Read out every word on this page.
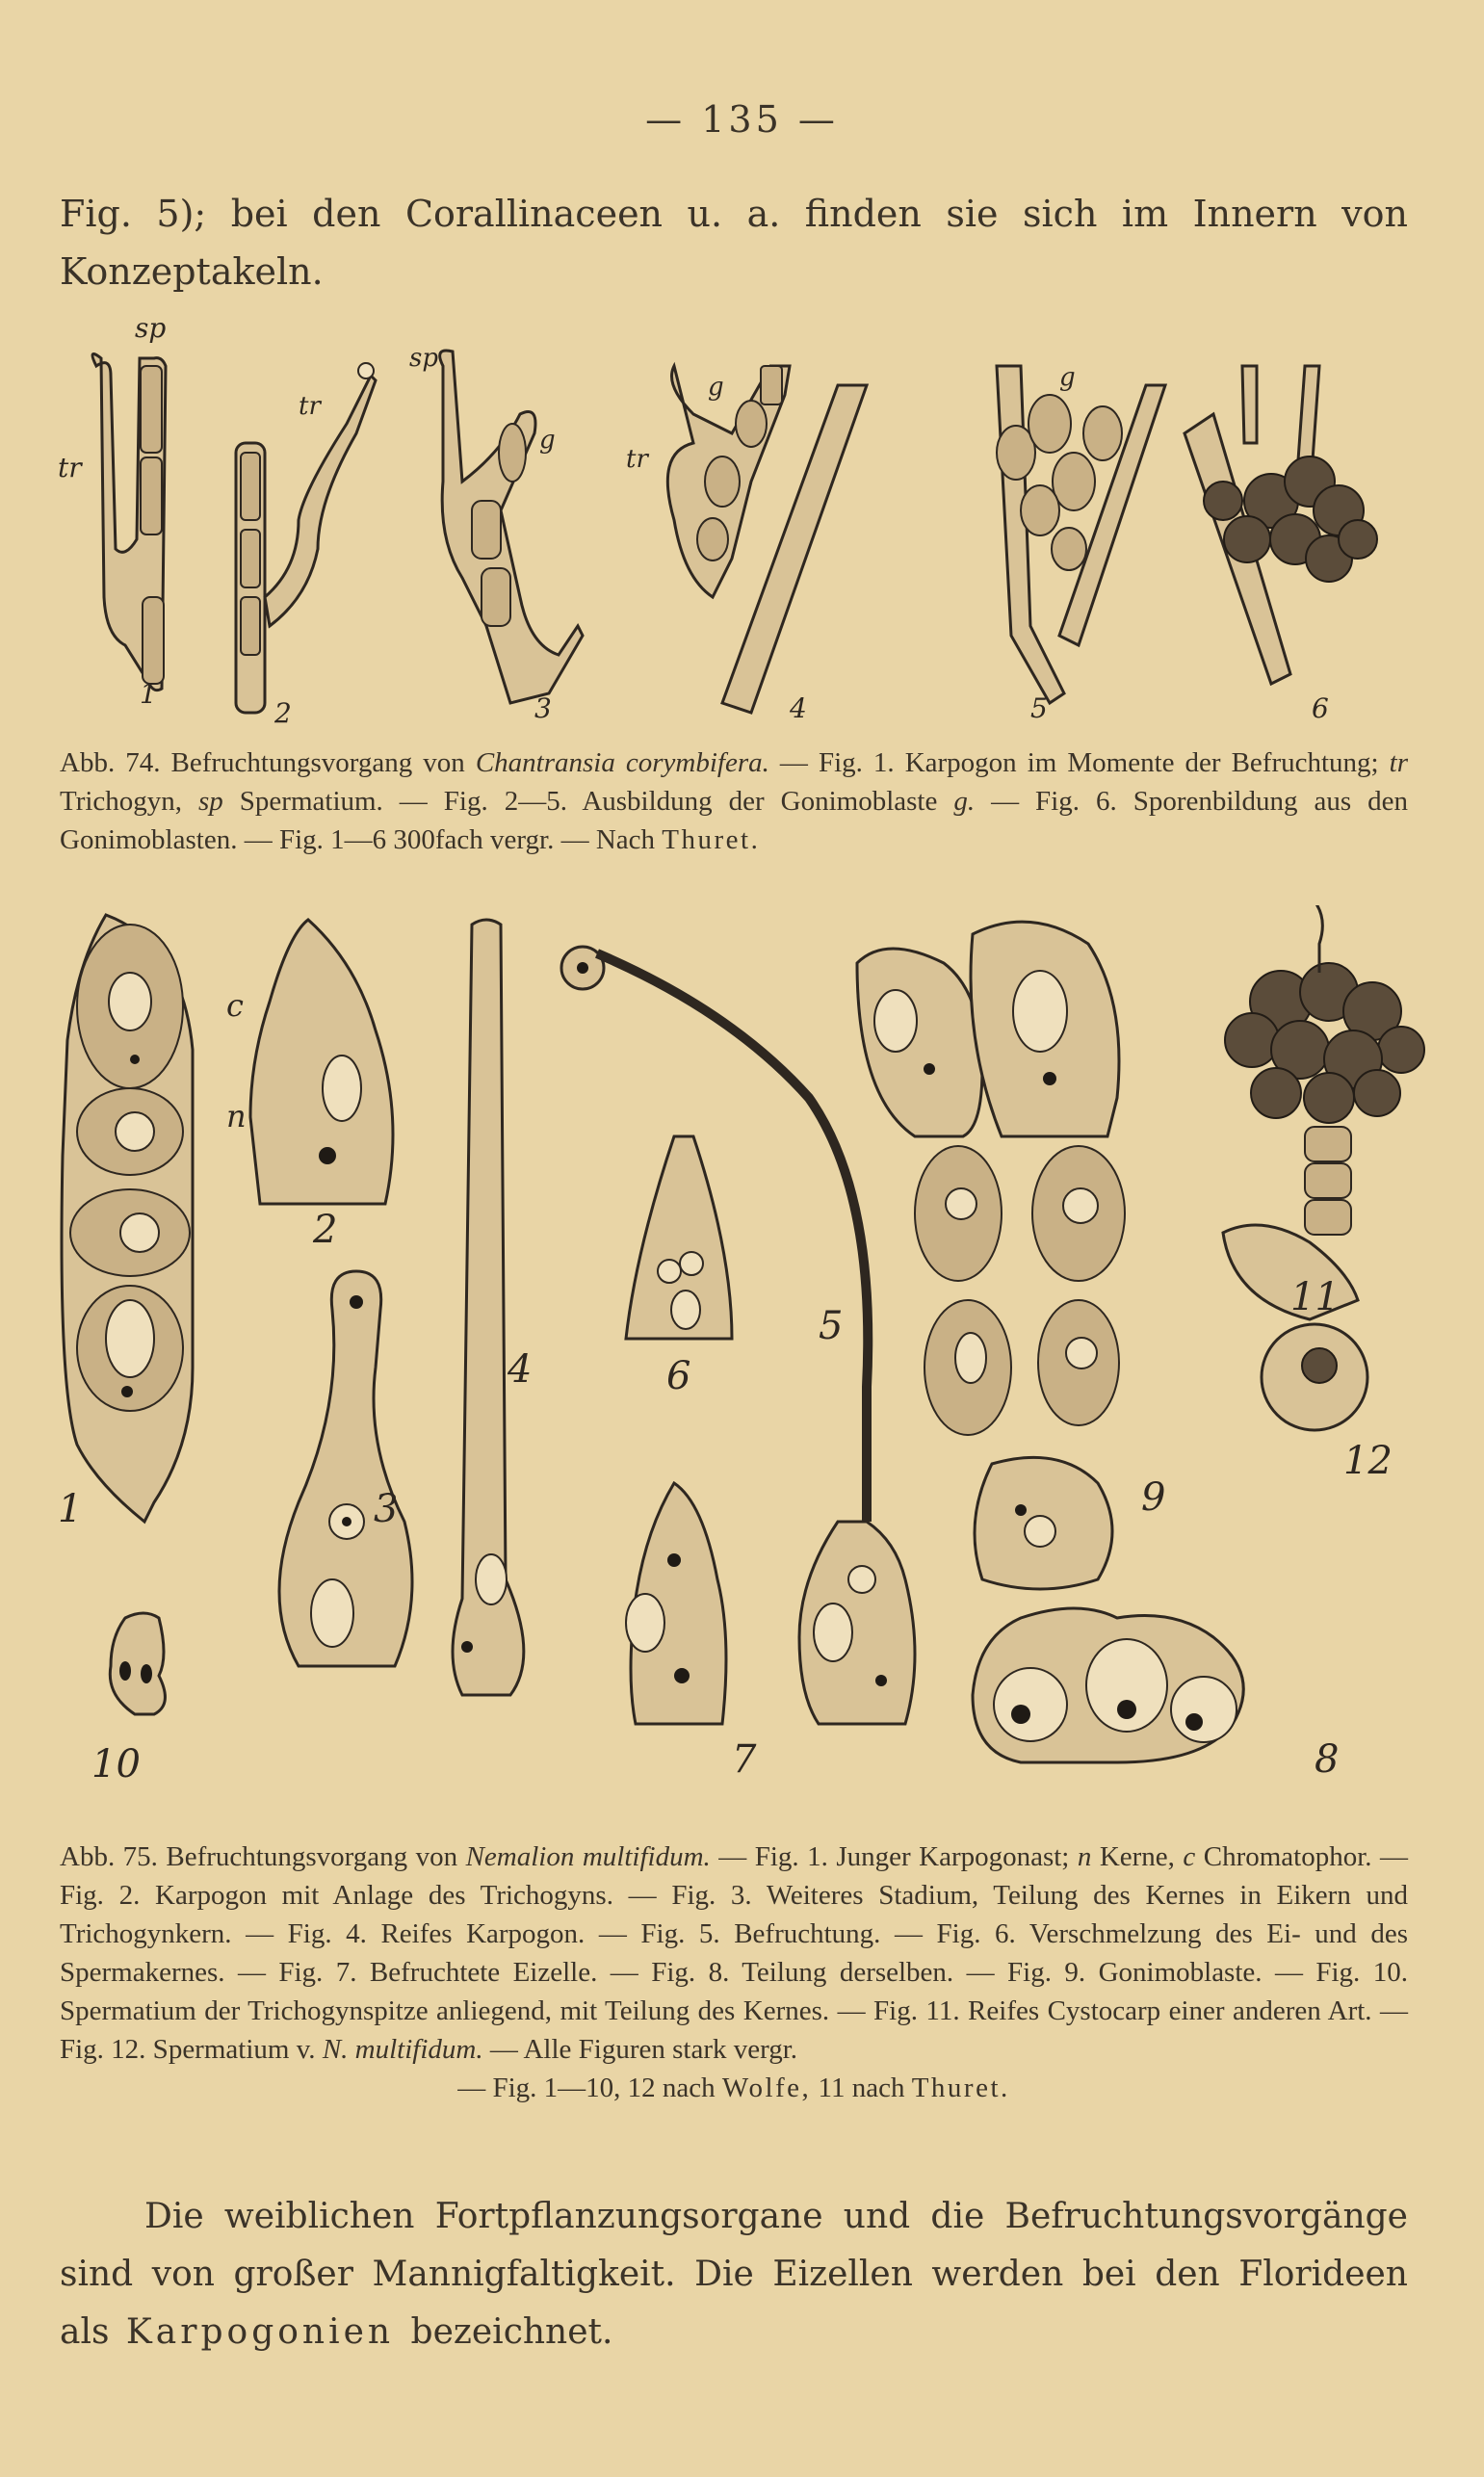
— 135 —
Fig. 5); bei den Corallinaceen u. a. finden sie sich im Innern von Konzeptakeln.
sp
tr
tr
sp
g
g
tr
g
1
2	3	4	5	6
Abb. 74. Befruchtungsvorgang von Chantransia corymbifera. — Fig. 1. Karpogon im Momente der Befruchtung; tr Trichogyn, sp Spermatium. — Fig. 2—5. Ausbildung der Gonimoblaste g. — Fig. 6. Sporenbildung aus den Gonimoblasten. — Fig. 1—6 300fach vergr. — Nach Thuret.
c
n
1
2
3
4
5
6
7	8
9
10
11
12
Abb. 75. Befruchtungsvorgang von Nemalion multifidum. — Fig. 1. Junger Karpogonast; n Kerne, c Chromatophor. — Fig. 2. Karpogon mit Anlage des Trichogyns. — Fig. 3. Weiteres Stadium, Teilung des Kernes in Eikern und Trichogynkern. — Fig. 4. Reifes Karpogon. — Fig. 5. Befruchtung. — Fig. 6. Verschmelzung des Ei- und des Spermakernes. — Fig. 7. Befruchtete Eizelle. — Fig. 8. Teilung derselben. — Fig. 9. Gonimoblaste. — Fig. 10. Spermatium der Trichogynspitze anliegend, mit Teilung des Kernes. — Fig. 11. Reifes Cystocarp einer anderen Art. — Fig. 12. Spermatium v. N. multifidum. — Alle Figuren stark vergr.
— Fig. 1—10, 12 nach Wolfe, 11 nach Thuret.
Die weiblichen Fortpflanzungsorgane und die Befruchtungsvorgänge sind von großer Mannigfaltigkeit. Die Eizellen werden bei den Florideen als Karpogonien bezeichnet.
